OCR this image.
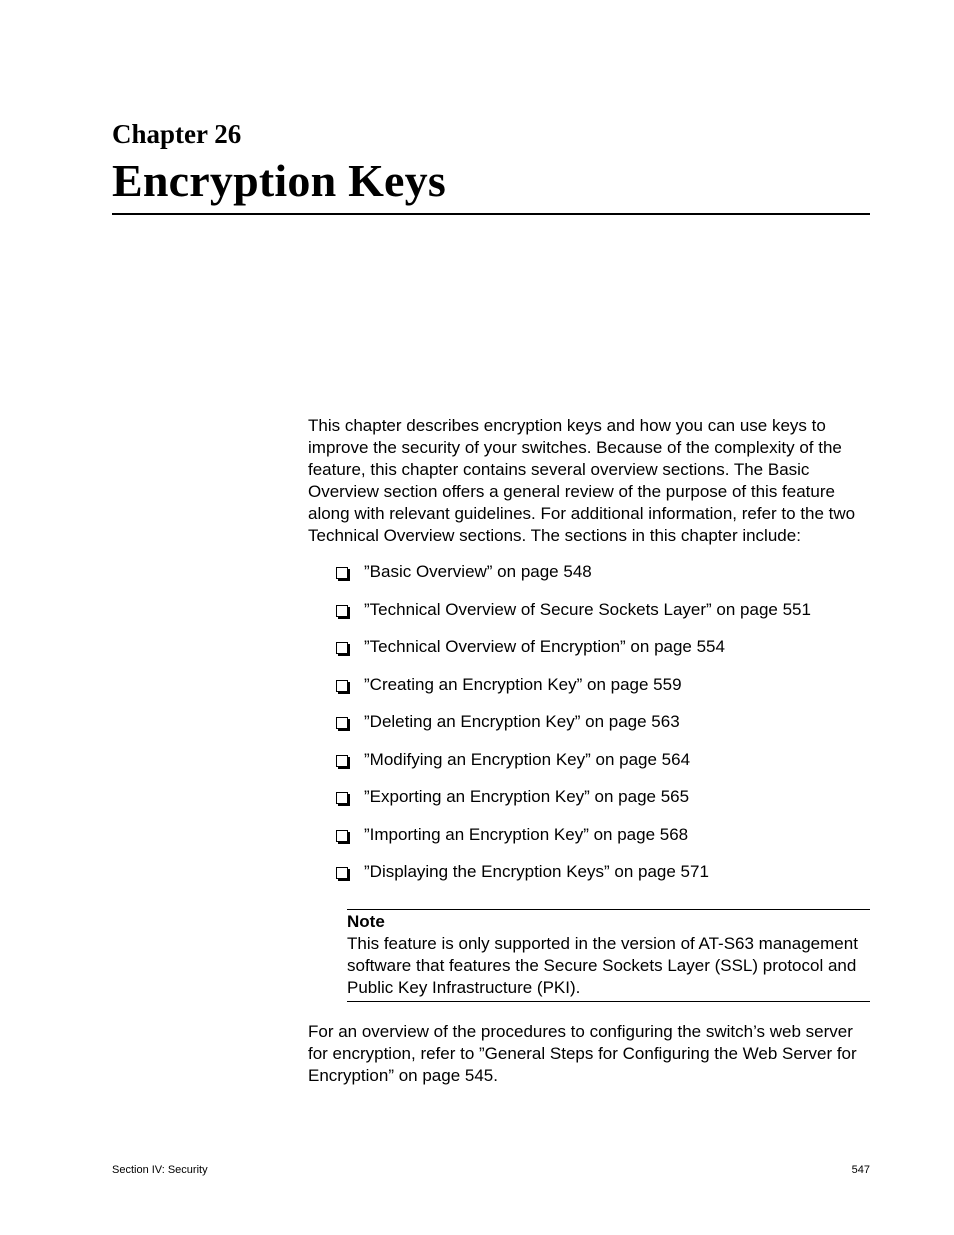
Chapter 26
Encryption Keys

This chapter describes encryption keys and how you can use keys to improve the security of your switches. Because of the complexity of the feature, this chapter contains several overview sections. The Basic Overview section offers a general review of the purpose of this feature along with relevant guidelines. For additional information, refer to the two Technical Overview sections. The sections in this chapter include:

”Basic Overview” on page 548
”Technical Overview of Secure Sockets Layer” on page 551
”Technical Overview of Encryption” on page 554
”Creating an Encryption Key” on page 559
”Deleting an Encryption Key” on page 563
”Modifying an Encryption Key” on page 564
”Exporting an Encryption Key” on page 565
”Importing an Encryption Key” on page 568
”Displaying the Encryption Keys” on page 571

Note

This feature is only supported in the version of AT-S63 management software that features the Secure Sockets Layer (SSL) protocol and Public Key Infrastructure (PKI).

For an overview of the procedures to configuring the switch’s web server for encryption, refer to ”General Steps for Configuring the Web Server for Encryption” on page 545.

Section IV: Security	547
